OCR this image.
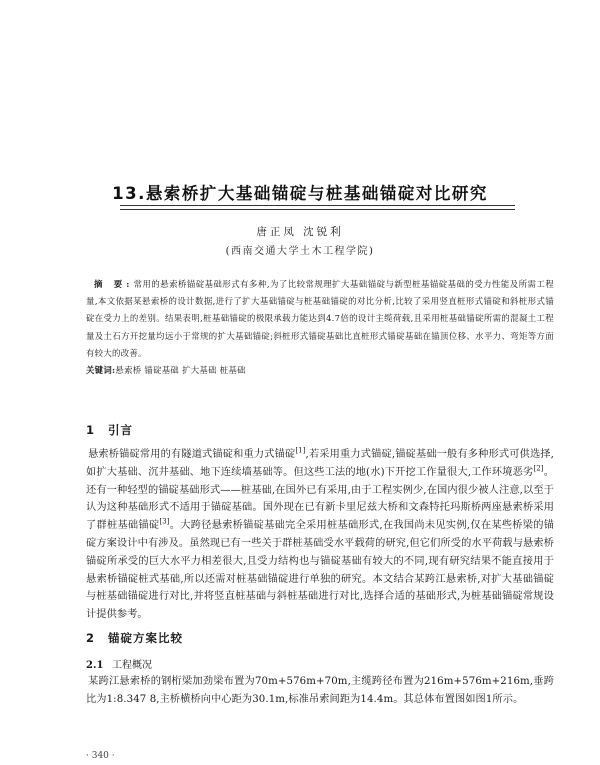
13.悬索桥扩大基础锚碇与桩基础锚碇对比研究
唐正凤 沈锐利
(西南交通大学土木工程学院)
摘 要:常用的悬索桥锚碇基础形式有多种,为了比较常规理扩大基础锚碇与新型桩基锚碇基础的受力性能及所需工程量,本文依据某悬索桥的设计数据,进行了扩大基础锚碇与桩基础锚碇的对比分析,比较了采用竖直桩形式锚碇和斜桩形式锚碇在受力上的差别。结果表明,桩基础锚碇的极限承载力能达到4.7倍的设计主缆荷载,且采用桩基础锚碇所需的混凝土工程量及土石方开挖量均远小于常规的扩大基础锚碇;斜桩形式锚碇基础比直桩形式锚碇基础在锚顶位移、水平力、弯矩等方面有较大的改善。
关键词:悬索桥 锚碇基础 扩大基础 桩基础
1 引言
悬索桥锚碇常用的有隧道式锚碇和重力式锚碇[1],若采用重力式锚碇,锚碇基础一般有多种形式可供选择,如扩大基础、沉井基础、地下连续墙基础等。但这些工法的地(水)下开挖工作量很大,工作环境恶劣[2]。还有一种轻型的锚碇基础形式——桩基础,在国外已有采用,由于工程实例少,在国内很少被人注意,以至于认为这种基础形式不适用于锚碇基础。国外现在已有新卡里尼兹大桥和文森特托玛斯桥两座悬索桥采用了群桩基础锚碇[3]。大跨径悬索桥锚碇基础完全采用桩基础形式,在我国尚未见实例,仅在某些桥梁的锚碇方案设计中有涉及。虽然现已有一些关于群桩基础受水平载荷的研究,但它们所受的水平荷载与悬索桥锚碇所承受的巨大水平力相差很大,且受力结构也与锚碇基础有较大的不同,现有研究结果不能直接用于悬索桥锚碇桩式基础,所以还需对桩基础锚碇进行单独的研究。本文结合某跨江悬索桥,对扩大基础锚碇与桩基础锚碇进行对比,并将竖直桩基础与斜桩基础进行对比,选择合适的基础形式,为桩基础锚碇常规设计提供参考。
2 锚碇方案比较
2.1 工程概况
某跨江悬索桥的钢桁梁加劲梁布置为70m+576m+70m,主缆跨径布置为216m+576m+216m,垂跨比为1:8.347 8,主桥横桥向中心距为30.1m,标准吊索间距为14.4m。其总体布置图如图1所示。
· 340 ·
